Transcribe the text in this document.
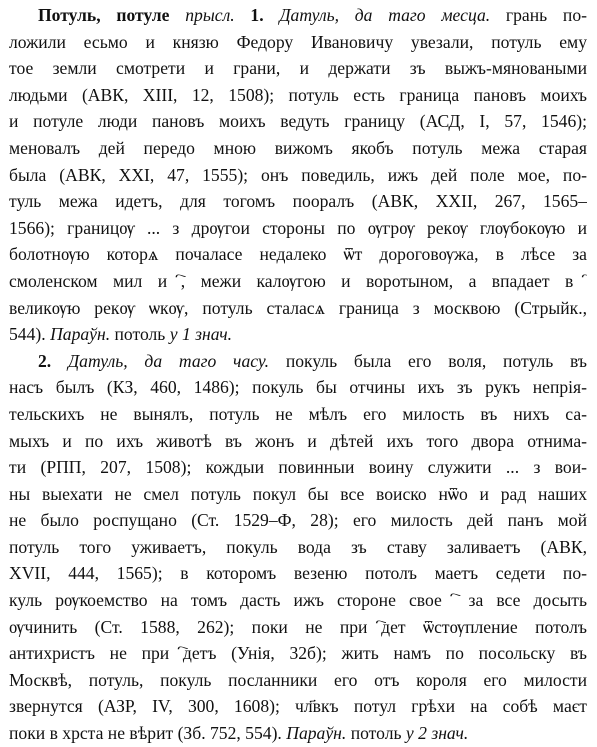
Потуль, потуле прысл. 1. Датуль, да таго месца. грань по-
ложили есьмо и князю Федору Ивановичу увезали, потуль ему
тое земли смотрети и грани, и держати зъ выжъ-мяноваными
людьми (АВК, XIII, 12, 1508); потуль есть граница пановъ моихъ
и потуле люди пановъ моихъ ведуть границу (АСД, I, 57, 1546);
меновалъ дей передо мною вижомъ якобъ потуль межа старая
была (АВК, XXI, 47, 1555); онъ поведиль, ижъ дей поле мое, по-
туль межа идетъ, для тогомъ пооралъ (АВК, XXII, 267, 1565–
1566); границѹ ... з дрѹгои стороны по ѹгрѹ рекѹ глѹбокѹю и
болотнѹю которѧ почаласе недалеко ѿт дороговѹжа, в лѣсе за
смоленском мил иⷢ҇, межи калѹгою и воротыном, а впадает вⷭ҇
великѹю рекѹ ѡкѹ, потуль сталасѧ граница з москвою (Стрыйк.,
544). Параўн. потоль у 1 знач.
2. Датуль, да таго часу. покуль была его воля, потуль въ
насъ былъ (КЗ, 460, 1486); покуль бы отчины ихъ зъ рукъ непрія-
тельскихъ не вынялъ, потуль не мѣлъ его милость въ нихъ са-
мыхъ и по ихъ животѣ въ жонъ и дѣтей ихъ того двора отнима-
ти (РПП, 207, 1508); кождыи повинныи воину служити ... з вои-
ны выехати не смел потуль покул бы все воиско нѿо и рад наших
не было роспущано (Ст. 1529–Ф, 28); его милость дей панъ мой
потуль того уживаетъ, покуль вода зъ ставу заливаетъ (АВК,
XVII, 444, 1565); в которомъ везеню потолъ маетъ седети по-
куль рѹкоемство на томъ дасть ижъ стороне своеⷭ҇ за все досыть
ѹчинить (Ст. 1588, 262); поки не приⷭ҇дет ѿстѹпление потолъ
антихристъ не приⷭ҇детъ (Унія, 32б); жить намъ по посольску въ
Москвѣ, потуль, покуль посланники его отъ короля его милости
звернутся (АЗР, IV, 300, 1608); чл҃вкъ потул грѣхи на собѣ маєт
поки в хрста не вѣрит (Зб. 752, 554). Параўн. потоль у 2 знач.
